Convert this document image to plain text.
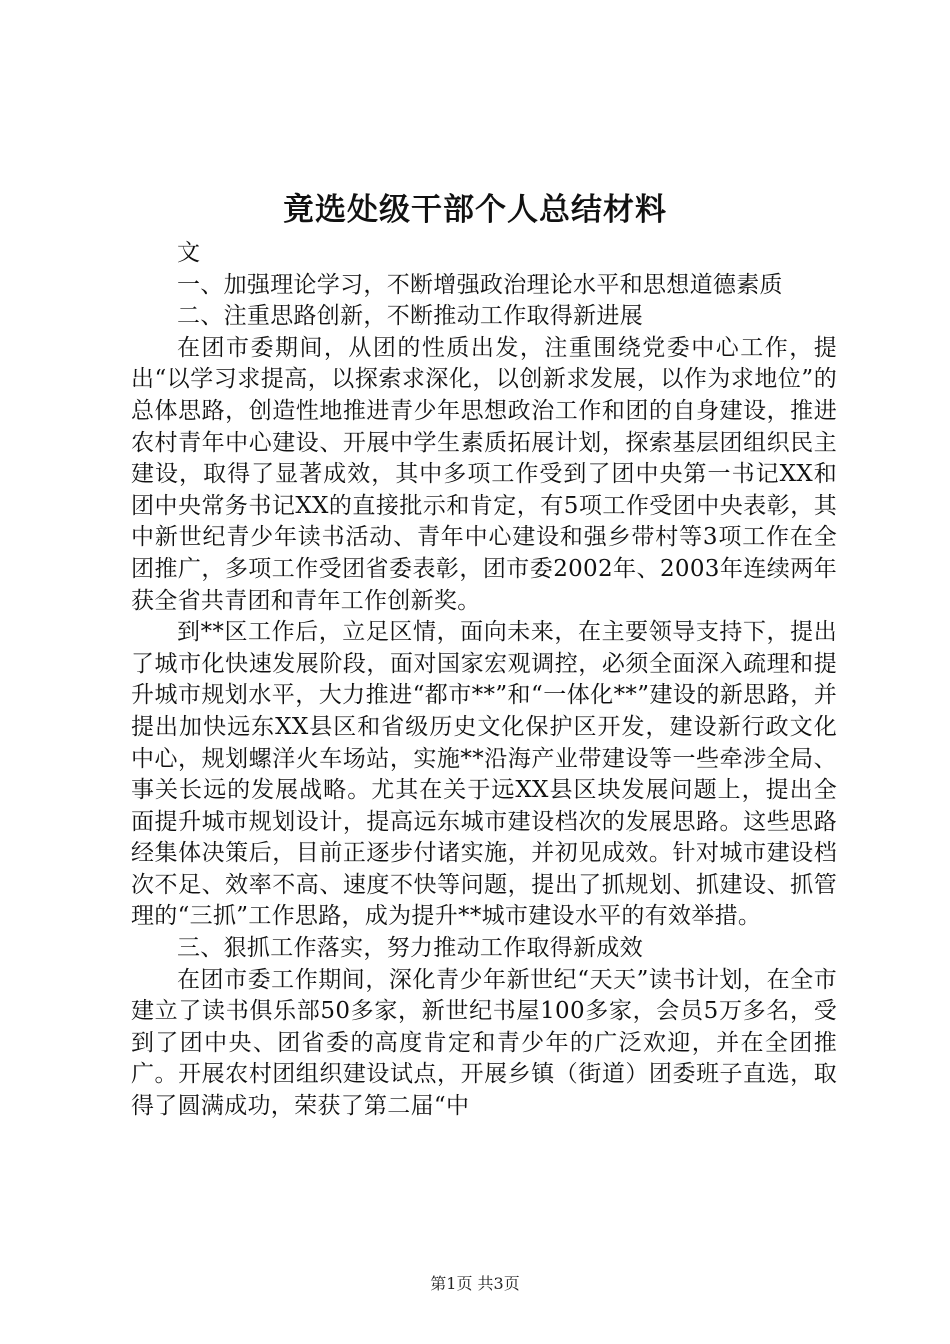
竟选处级干部个人总结材料

文

一、加强理论学习，不断增强政治理论水平和思想道德素质

二、注重思路创新，不断推动工作取得新进展

在团市委期间，从团的性质出发，注重围绕党委中心工作，提出“以学习求提高，以探索求深化，以创新求发展，以作为求地位”的总体思路，创造性地推进青少年思想政治工作和团的自身建设，推进农村青年中心建设、开展中学生素质拓展计划，探索基层团组织民主建设，取得了显著成效，其中多项工作受到了团中央第一书记XX和团中央常务书记XX的直接批示和肯定，有5项工作受团中央表彰，其中新世纪青少年读书活动、青年中心建设和强乡带村等3项工作在全团推广，多项工作受团省委表彰，团市委2002年、2003年连续两年获全省共青团和青年工作创新奖。

到**区工作后，立足区情，面向未来，在主要领导支持下，提出了城市化快速发展阶段，面对国家宏观调控，必须全面深入疏理和提升城市规划水平，大力推进“都市**”和“一体化**”建设的新思路，并提出加快远东XX县区和省级历史文化保护区开发，建设新行政文化中心，规划螺洋火车场站，实施**沿海产业带建设等一些牵涉全局、事关长远的发展战略。尤其在关于远XX县区块发展问题上，提出全面提升城市规划设计，提高远东城市建设档次的发展思路。这些思路经集体决策后，目前正逐步付诸实施，并初见成效。针对城市建设档次不足、效率不高、速度不快等问题，提出了抓规划、抓建设、抓管理的“三抓”工作思路，成为提升**城市建设水平的有效举措。

三、狠抓工作落实，努力推动工作取得新成效

在团市委工作期间，深化青少年新世纪“天天”读书计划，在全市建立了读书俱乐部50多家，新世纪书屋100多家，会员5万多名，受到了团中央、团省委的高度肯定和青少年的广泛欢迎，并在全团推广。开展农村团组织建设试点，开展乡镇（街道）团委班子直选，取得了圆满成功，荣获了第二届“中

第1页 共3页
